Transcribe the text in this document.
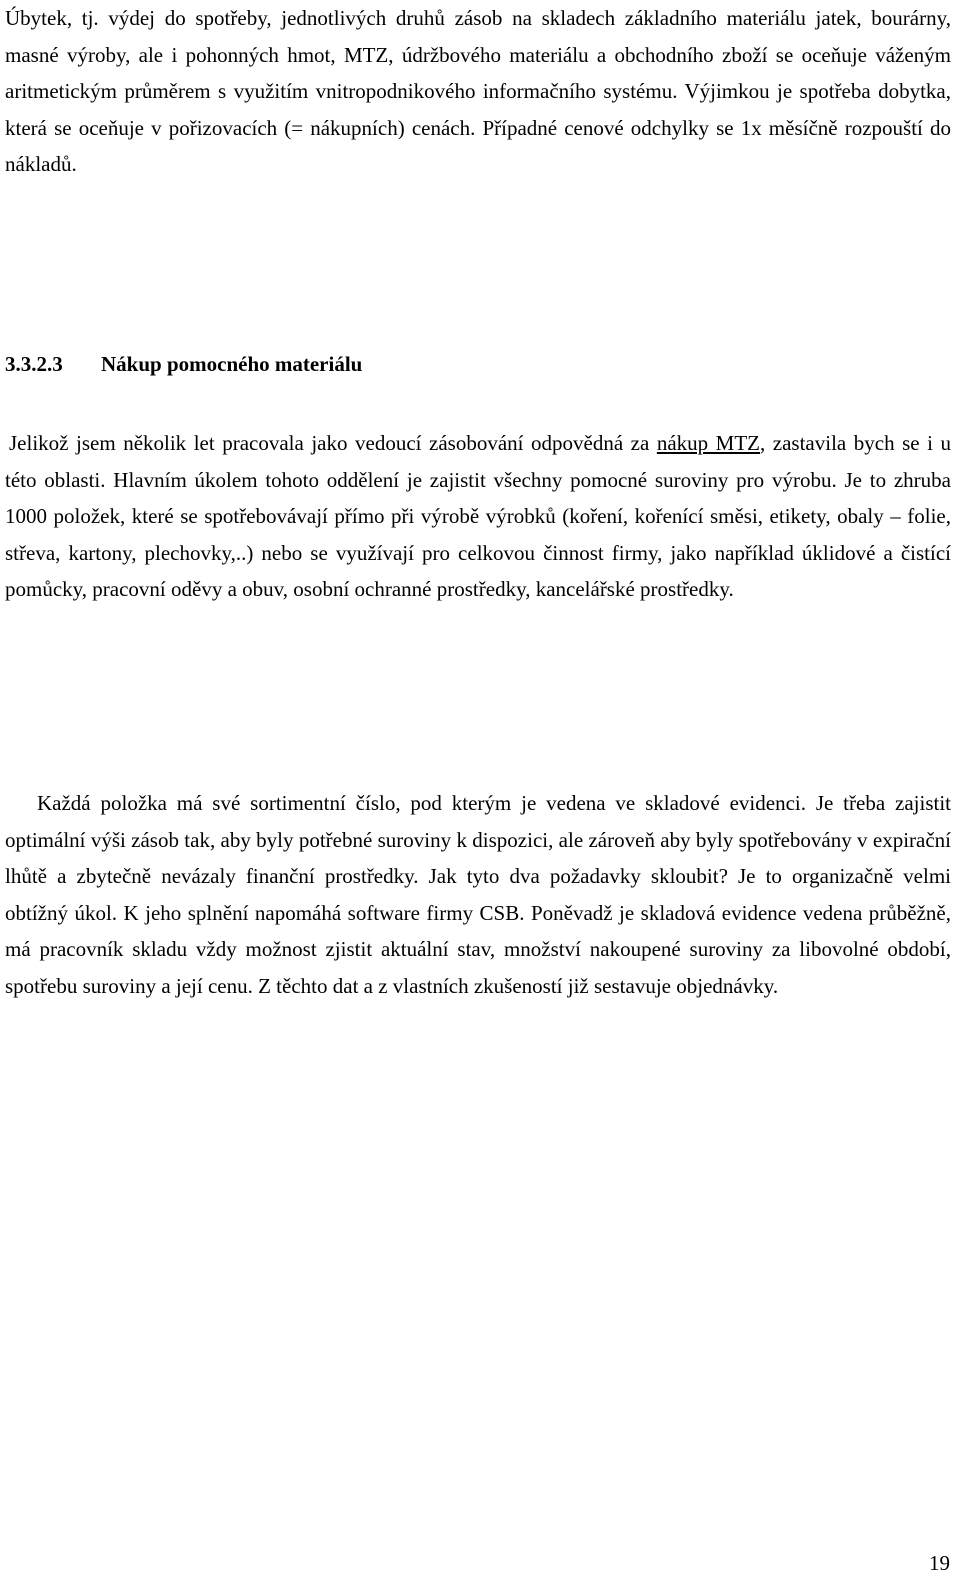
Úbytek, tj. výdej do spotřeby, jednotlivých druhů zásob na skladech základního materiálu jatek, bourárny, masné výroby, ale i pohonných hmot, MTZ, údržbového materiálu a obchodního zboží se oceňuje váženým aritmetickým průměrem s využitím vnitropodnikového informačního systému. Výjimkou je spotřeba dobytka, která se oceňuje v pořizovacích (= nákupních) cenách. Případné cenové odchylky se 1x měsíčně rozpouští do nákladů.

3.3.2.3 Nákup pomocného materiálu

Jelikož jsem několik let pracovala jako vedoucí zásobování odpovědná za nákup MTZ, zastavila bych se i u této oblasti. Hlavním úkolem tohoto oddělení je zajistit všechny pomocné suroviny pro výrobu. Je to zhruba 1000 položek, které se spotřebovávají přímo při výrobě výrobků (koření, kořenící směsi, etikety, obaly – folie, střeva, kartony, plechovky,..) nebo se využívají pro celkovou činnost firmy, jako například úklidové a čistící pomůcky, pracovní oděvy a obuv, osobní ochranné prostředky, kancelářské prostředky.

Každá položka má své sortimentní číslo, pod kterým je vedena ve skladové evidenci. Je třeba zajistit optimální výši zásob tak, aby byly potřebné suroviny k dispozici, ale zároveň aby byly spotřebovány v expirační lhůtě a zbytečně nevázaly finanční prostředky. Jak tyto dva požadavky skloubit? Je to organizačně velmi obtížný úkol. K jeho splnění napomáhá software firmy CSB. Poněvadž je skladová evidence vedena průběžně, má pracovník skladu vždy možnost zjistit aktuální stav, množství nakoupené suroviny za libovolné období, spotřebu suroviny a její cenu. Z těchto dat a z vlastních zkušeností již sestavuje objednávky.

19
